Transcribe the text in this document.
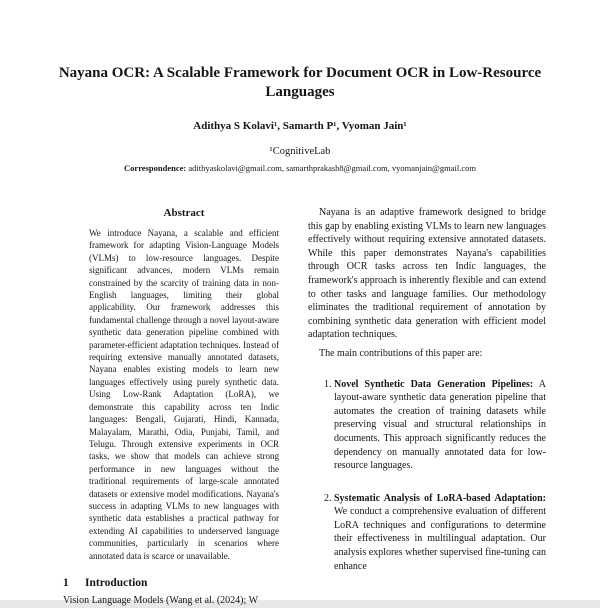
Nayana OCR: A Scalable Framework for Document OCR in Low-Resource Languages
Adithya S Kolavi¹, Samarth P¹, Vyoman Jain¹
¹CognitiveLab
Correspondence: adithyaskolavi@gmail.com, samarthprakash8@gmail.com, vyomanjain@gmail.com
Abstract
We introduce Nayana, a scalable and efficient framework for adapting Vision-Language Models (VLMs) to low-resource languages. Despite significant advances, modern VLMs remain constrained by the scarcity of training data in non-English languages, limiting their global applicability. Our framework addresses this fundamental challenge through a novel layout-aware synthetic data generation pipeline combined with parameter-efficient adaptation techniques. Instead of requiring extensive manually annotated datasets, Nayana enables existing models to learn new languages effectively using purely synthetic data. Using Low-Rank Adaptation (LoRA), we demonstrate this capability across ten Indic languages: Bengali, Gujarati, Hindi, Kannada, Malayalam, Marathi, Odia, Punjabi, Tamil, and Telugu. Through extensive experiments in OCR tasks, we show that models can achieve strong performance in new languages without the traditional requirements of large-scale annotated datasets or extensive model modifications. Nayana's success in adapting VLMs to new languages with synthetic data establishes a practical pathway for extending AI capabilities to underserved language communities, particularly in scenarios where annotated data is scarce or unavailable.
1	Introduction
Vision Language Models (Wang et al. (2024); W

Nayana is an adaptive framework designed to bridge this gap by enabling existing VLMs to learn new languages effectively without requiring extensive annotated datasets. While this paper demonstrates Nayana's capabilities through OCR tasks across ten Indic languages, the framework's approach is inherently flexible and can extend to other tasks and language families. Our methodology eliminates the traditional requirement of annotation by combining synthetic data generation with efficient model adaptation techniques.

The main contributions of this paper are:

1. Novel Synthetic Data Generation Pipelines: A layout-aware synthetic data generation pipeline that automates the creation of training datasets while preserving visual and structural relationships in documents. This approach significantly reduces the dependency on manually annotated data for low-resource languages.
2. Systematic Analysis of LoRA-based Adaptation: We conduct a comprehensive evaluation of different LoRA techniques and configurations to determine their effectiveness in multilingual adaptation. Our analysis explores whether supervised fine-tuning can enhance
